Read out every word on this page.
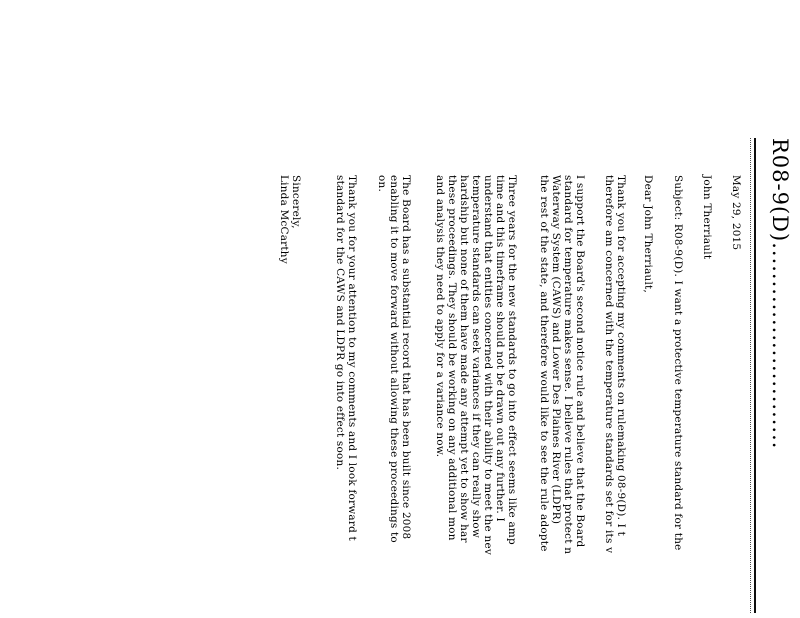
R08-9(D)...........................
May 29, 2015
John Therriault
Subject: R08-9(D). I want a protective temperature standard for the
Dear John Therriault,
Thank you for accepting my comments on rulemaking 08-9(D). I t
therefore am concerned with the temperature standards set for its v
I support the Board's second notice rule and believe that the Board
standard for temperature makes sense. I believe rules that protect n
Waterway System (CAWS) and Lower Des Plaines River (LDPR)
the rest of the state, and therefore would like to see the rule adopte
Three years for the new standards to go into effect seems like amp
time and this timeframe should not be drawn out any further. I
understand that entities concerned with their ability to meet the nev
temperature standards can seek variances if they can really show
hardship but none of them have made any attempt yet to show har
these proceedings. They should be working on any additional mon
and analysis they need to apply for a variance now.
The Board has a substantial record that has been built since 2008
enabling it to move forward without allowing these proceedings to
on.
Thank you for your attention to my comments and I look forward t
standard for the CAWS and LDPR go into effect soon.
Sincerely,
Linda McCarthy
